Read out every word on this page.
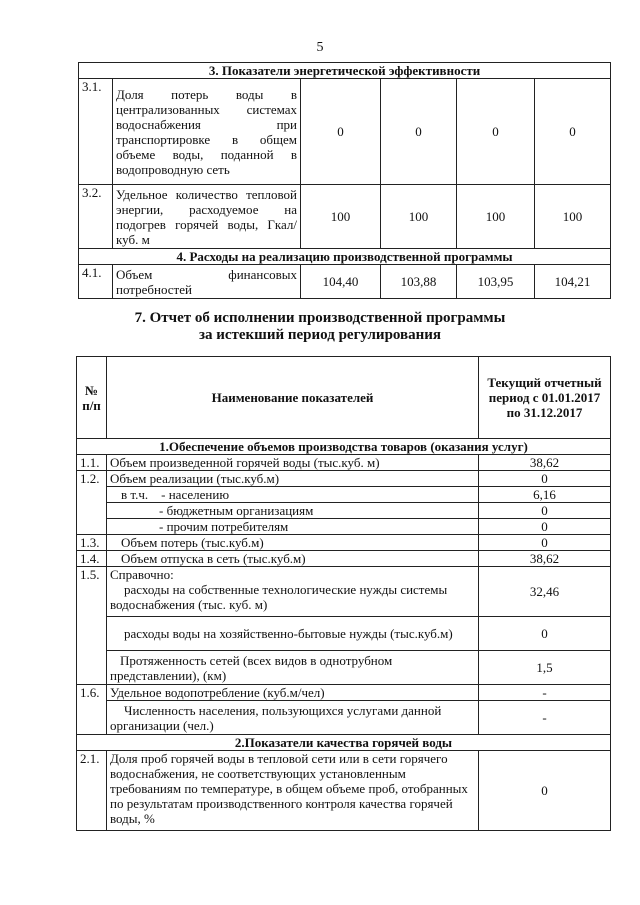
5
3. Показатели энергетической эффективности					
3.1.	Доля потерь воды в централизованных системах водоснабжения при транспортировке в общем объеме воды, поданной в водопроводную сеть	0	0	0	0
3.2.	Удельное количество тепловой энергии, расходуемое на подогрев горячей воды, Гкал/куб. м	100	100	100	100
4. Расходы на реализацию производственной программы					
4.1.	Объем финансовых потребностей	104,40	103,88	103,95	104,21
7. Отчет об исполнении производственной программы
за истекший период регулирования
№ п/п	Наименование показателей	Текущий отчетный период с 01.01.2017 по 31.12.2017
1.Обеспечение объемов производства товаров (оказания услуг)		
1.1.	Объем произведенной горячей воды (тыс.куб. м)	38,62
1.2.	Объем реализации (тыс.куб.м)	0
	в т.ч. - населению	6,16
	- бюджетным организациям	0
	- прочим потребителям	0
1.3.	Объем потерь (тыс.куб.м)	0
1.4.	Объем отпуска в сеть (тыс.куб.м)	38,62
1.5.	Справочно:
расходы на собственные технологические нужды системы водоснабжения (тыс. куб. м)	32,46
	расходы воды на хозяйственно-бытовые нужды (тыс.куб.м)	0
	Протяженность сетей (всех видов в однотрубном представлении), (км)	1,5
1.6.	Удельное водопотребление (куб.м/чел)	-
	Численность населения, пользующихся услугами данной организации (чел.)	-
2.Показатели качества горячей воды		
2.1.	Доля проб горячей воды в тепловой сети или в сети горячего водоснабжения, не соответствующих установленным требованиям по температуре, в общем объеме проб, отобранных по результатам производственного контроля качества горячей воды, %	0
